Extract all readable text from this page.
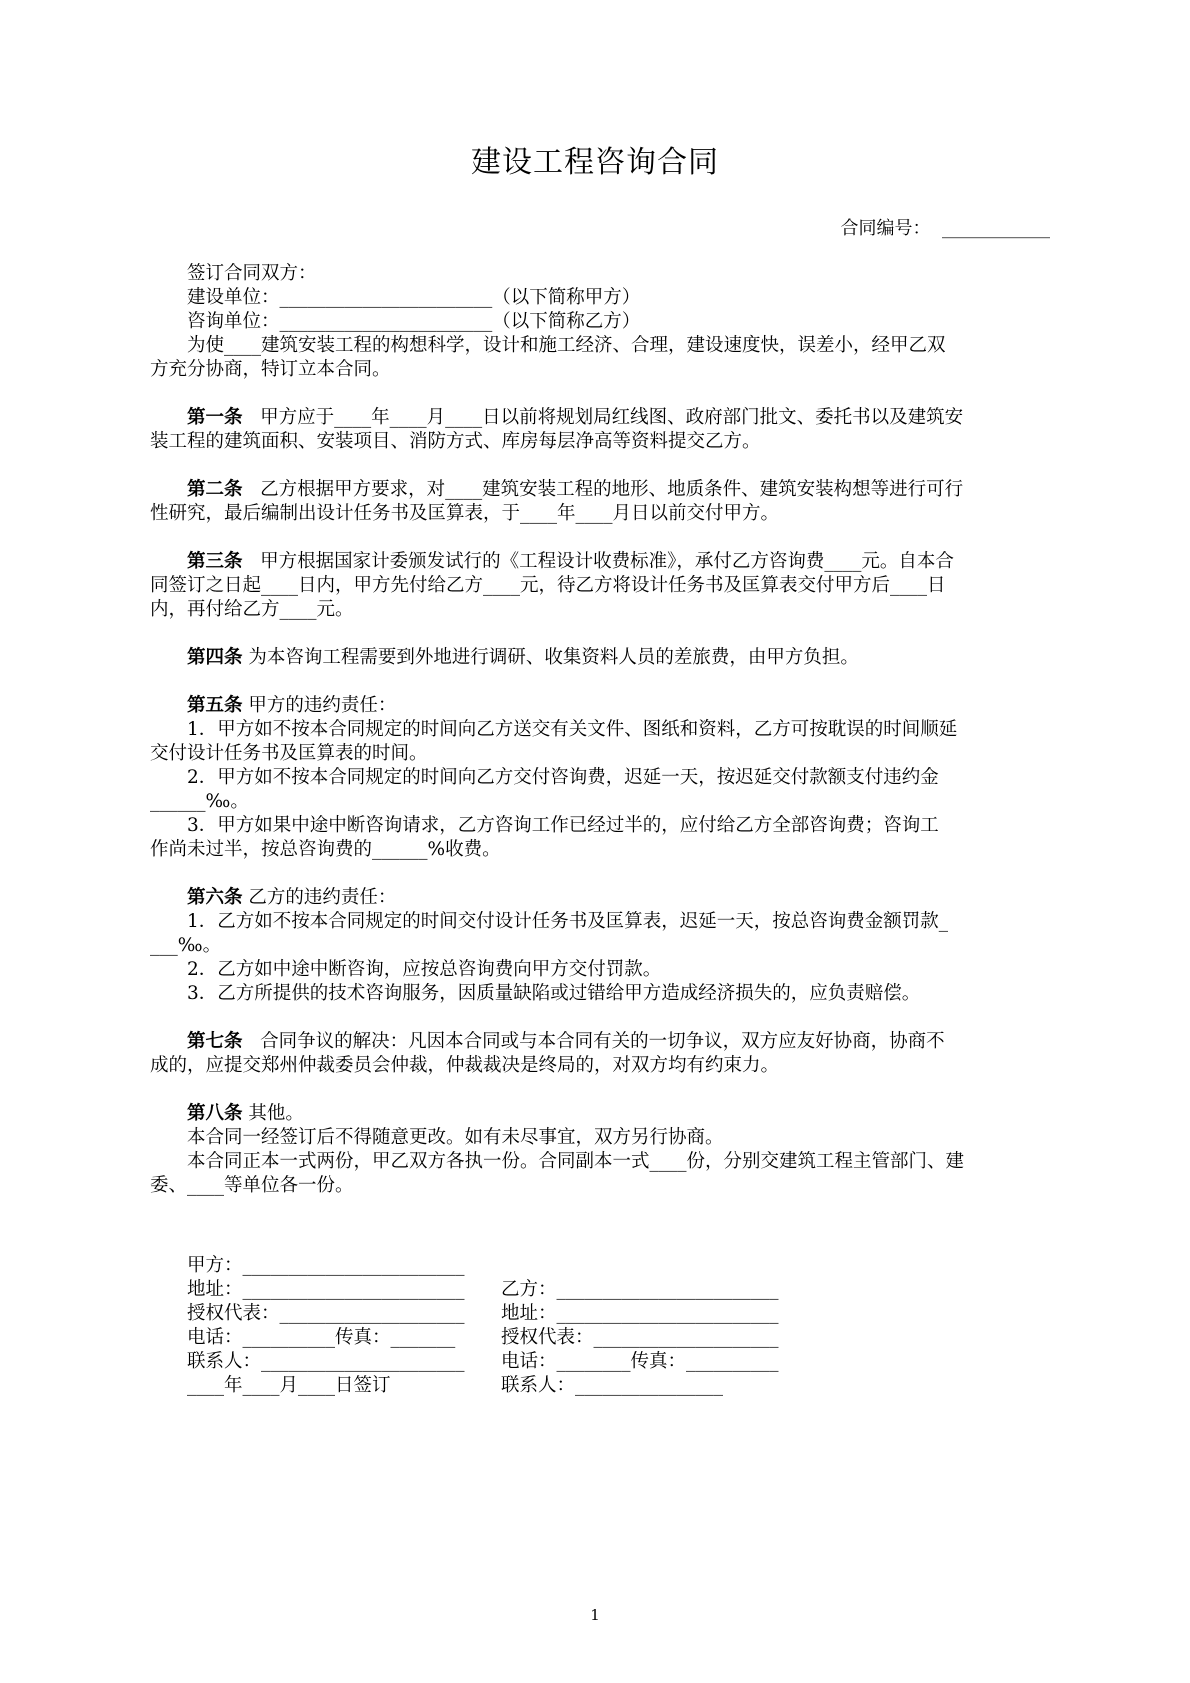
建设工程咨询合同
合同编号：  ____________
签订合同双方：
建设单位：_______________________（以下简称甲方）
咨询单位：_______________________（以下简称乙方）
为使____建筑安装工程的构想科学，设计和施工经济、合理，建设速度快，误差小，经甲乙双
方充分协商，特订立本合同。
第一条   甲方应于____年____月____日以前将规划局红线图、政府部门批文、委托书以及建筑安
装工程的建筑面积、安装项目、消防方式、库房每层净高等资料提交乙方。
第二条   乙方根据甲方要求，对____建筑安装工程的地形、地质条件、建筑安装构想等进行可行
性研究，最后编制出设计任务书及匡算表，于____年____月日以前交付甲方。
第三条   甲方根据国家计委颁发试行的《工程设计收费标准》，承付乙方咨询费____元。自本合
同签订之日起____日内，甲方先付给乙方____元，待乙方将设计任务书及匡算表交付甲方后____日
内，再付给乙方____元。
第四条 为本咨询工程需要到外地进行调研、收集资料人员的差旅费，由甲方负担。
第五条 甲方的违约责任：
1．甲方如不按本合同规定的时间向乙方送交有关文件、图纸和资料，乙方可按耽误的时间顺延
交付设计任务书及匡算表的时间。
2．甲方如不按本合同规定的时间向乙方交付咨询费，迟延一天，按迟延交付款额支付违约金
______‰。
3．甲方如果中途中断咨询请求，乙方咨询工作已经过半的，应付给乙方全部咨询费；咨询工
作尚未过半，按总咨询费的______%收费。
第六条 乙方的违约责任：
1．乙方如不按本合同规定的时间交付设计任务书及匡算表，迟延一天，按总咨询费金额罚款_
___‰。
2．乙方如中途中断咨询，应按总咨询费向甲方交付罚款。
3．乙方所提供的技术咨询服务，因质量缺陷或过错给甲方造成经济损失的，应负责赔偿。
第七条   合同争议的解决：凡因本合同或与本合同有关的一切争议，双方应友好协商，协商不
成的，应提交郑州仲裁委员会仲裁，仲裁裁决是终局的，对双方均有约束力。
第八条 其他。
本合同一经签订后不得随意更改。如有未尽事宜，双方另行协商。
本合同正本一式两份，甲乙双方各执一份。合同副本一式____份，分别交建筑工程主管部门、建
委、____等单位各一份。

甲方：________________________

乙方：________________________

地址：________________________

地址：________________________

授权代表：____________________

授权代表：____________________

电话：__________传真：_______

电话：________传真：__________

联系人：______________________

联系人：________________

____年____月____日签订

1
